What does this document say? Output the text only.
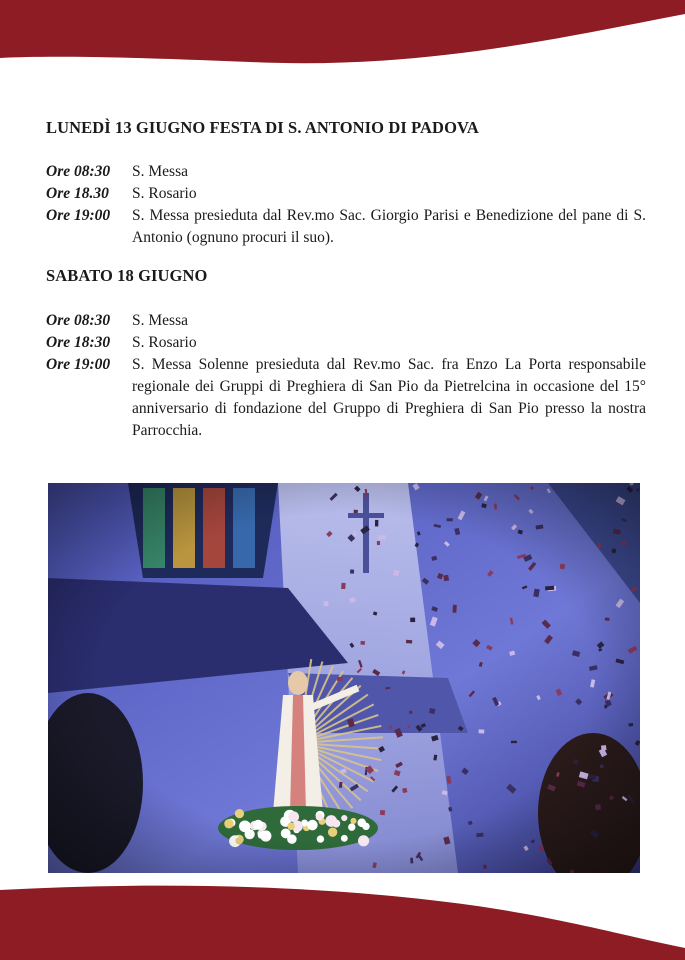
LUNEDÌ 13 GIUGNO FESTA DI S. ANTONIO DI PADOVA
Ore 08:30	S. Messa
Ore 18.30	S. Rosario
Ore 19:00	S. Messa presieduta dal Rev.mo Sac. Giorgio Parisi e Benedizione del pane di S. Antonio (ognuno procuri il suo).
SABATO 18 GIUGNO
Ore 08:30	S. Messa
Ore 18:30	S. Rosario
Ore 19:00	S. Messa Solenne presieduta dal Rev.mo Sac. fra Enzo La Porta responsabile regionale dei Gruppi di Preghiera di San Pio da Pietrelcina in occasione del 15° anniversario di fondazione del Gruppo di Preghiera di San Pio presso la nostra Parrocchia.
